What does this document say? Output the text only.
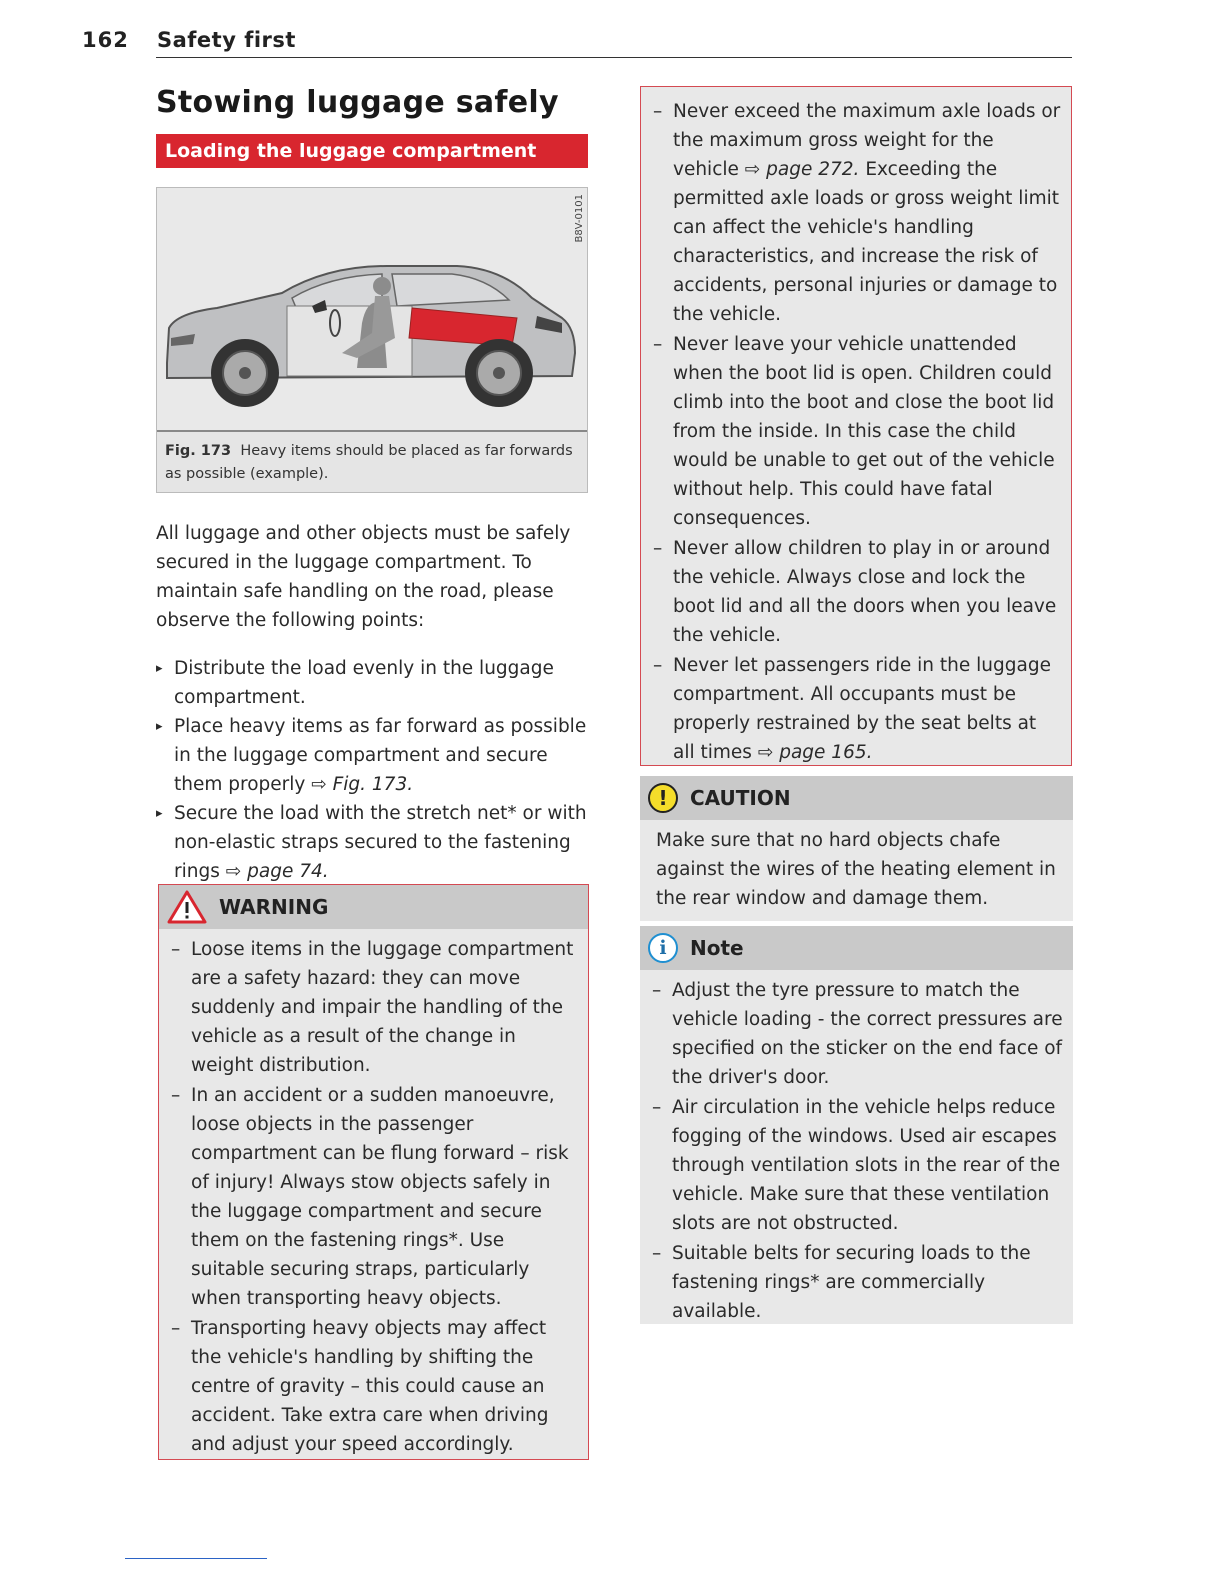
162 Safety first
Stowing luggage safely
Loading the luggage compartment
B8V-0101
Fig. 173 Heavy items should be placed as far forwards as possible (example).

All luggage and other objects must be safely secured in the luggage compartment. To maintain safe handling on the road, please observe the following points:

▸ Distribute the load evenly in the luggage compartment.
▸ Place heavy items as far forward as possible in the luggage compartment and secure them properly ⇨ Fig. 173.
▸ Secure the load with the stretch net* or with non-elastic straps secured to the fastening rings ⇨ page 74.
WARNING
– Loose items in the luggage compartment are a safety hazard: they can move suddenly and impair the handling of the vehicle as a result of the change in weight distribution.
– In an accident or a sudden manoeuvre, loose objects in the passenger compartment can be flung forward – risk of injury! Always stow objects safely in the luggage compartment and secure them on the fastening rings*. Use suitable securing straps, particularly when transporting heavy objects.
– Transporting heavy objects may affect the vehicle's handling by shifting the centre of gravity – this could cause an accident. Take extra care when driving and adjust your speed accordingly.
– Never exceed the maximum axle loads or the maximum gross weight for the vehicle ⇨ page 272. Exceeding the permitted axle loads or gross weight limit can affect the vehicle's handling characteristics, and increase the risk of accidents, personal injuries or damage to the vehicle.
– Never leave your vehicle unattended when the boot lid is open. Children could climb into the boot and close the boot lid from the inside. In this case the child would be unable to get out of the vehicle without help. This could have fatal consequences.
– Never allow children to play in or around the vehicle. Always close and lock the boot lid and all the doors when you leave the vehicle.
– Never let passengers ride in the luggage compartment. All occupants must be properly restrained by the seat belts at all times ⇨ page 165.
!	CAUTION
Make sure that no hard objects chafe against the wires of the heating element in the rear window and damage them.
i	Note
– Adjust the tyre pressure to match the vehicle loading - the correct pressures are specified on the sticker on the end face of the driver's door.
– Air circulation in the vehicle helps reduce fogging of the windows. Used air escapes through ventilation slots in the rear of the vehicle. Make sure that these ventilation slots are not obstructed.
– Suitable belts for securing loads to the fastening rings* are commercially available.
